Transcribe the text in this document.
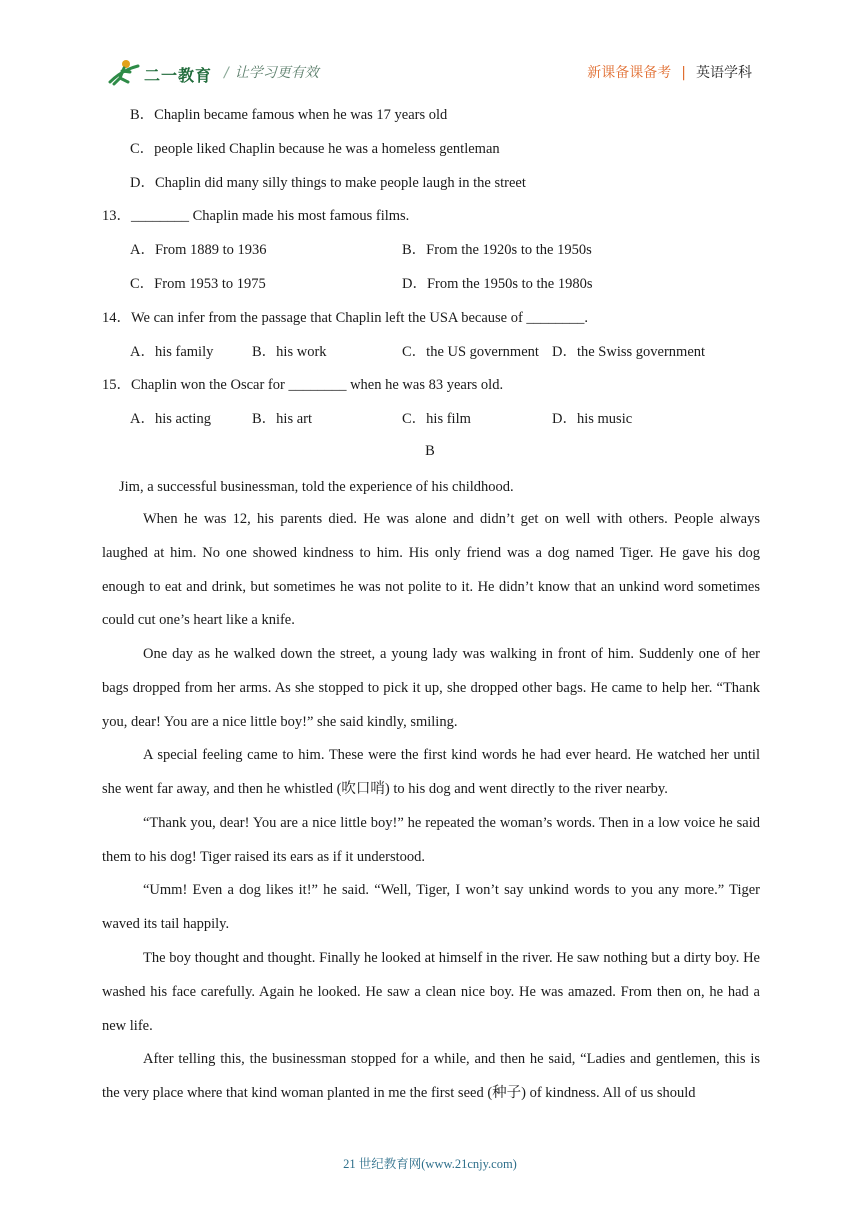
二一教育 / 让学习更有效	新课备课备考 | 英语学科
B．Chaplin became famous when he was 17 years old
C．people liked Chaplin because he was a homeless gentleman
D．Chaplin did many silly things to make people laugh in the street
13．________ Chaplin made his most famous films.
A．From 1889 to 1936	B．From the 1920s to the 1950s
C．From 1953 to 1975	D．From the 1950s to the 1980s
14．We can infer from the passage that Chaplin left the USA because of ________.
A．his family	B．his work	C．the US government D．the Swiss government
15．Chaplin won the Oscar for ________ when he was 83 years old.
A．his acting	B．his art	C．his film	D．his music
B
Jim, a successful businessman, told the experience of his childhood.

When he was 12, his parents died. He was alone and didn’t get on well with others. People always laughed at him. No one showed kindness to him. His only friend was a dog named Tiger. He gave his dog enough to eat and drink, but sometimes he was not polite to it. He didn’t know that an unkind word sometimes could cut one’s heart like a knife.

One day as he walked down the street, a young lady was walking in front of him. Suddenly one of her bags dropped from her arms. As she stopped to pick it up, she dropped other bags. He came to help her. “Thank you, dear! You are a nice little boy!” she said kindly, smiling.

A special feeling came to him. These were the first kind words he had ever heard. He watched her until she went far away, and then he whistled (吹口哨) to his dog and went directly to the river nearby.

“Thank you, dear! You are a nice little boy!” he repeated the woman’s words. Then in a low voice he said them to his dog! Tiger raised its ears as if it understood.

“Umm! Even a dog likes it!” he said. “Well, Tiger, I won’t say unkind words to you any more.” Tiger waved its tail happily.

The boy thought and thought. Finally he looked at himself in the river. He saw nothing but a dirty boy. He washed his face carefully. Again he looked. He saw a clean nice boy. He was amazed. From then on, he had a new life.

After telling this, the businessman stopped for a while, and then he said, “Ladies and gentlemen, this is the very place where that kind woman planted in me the first seed (种子) of kindness. All of us should

21 世纪教育网(www.21cnjy.com)
